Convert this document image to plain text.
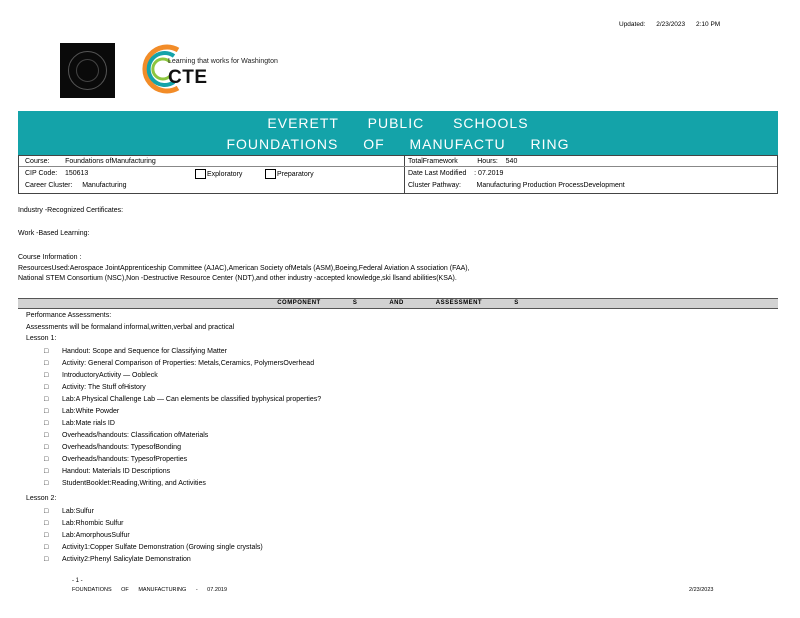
Updated: 2/23/2023 2:10 PM
Learning that works for Washington
CTE
EVERETT PUBLIC SCHOOLS
FOUNDATIONS OF MANUFACTU RING
Course: Foundations ofManufacturing	TotalFramework	Hours: 540
CIP Code: 150613	Exploratory	Preparatory	Date Last Modified : 07.2019
Career Cluster: Manufacturing	Cluster Pathway: Manufacturing Production ProcessDevelopment
Industry -Recognized Certificates:
Work -Based Learning:
Course Information :
ResourcesUsed:Aerospace JointApprenticeship Committee (AJAC),American Society ofMetals (ASM),Boeing,Federal Aviation A ssociation (FAA),
National STEM Consortium (NSC),Non -Destructive Resource Center (NDT),and other industry -accepted knowledge,ski llsand abilities(KSA).
COMPONENT S AND ASSESSMENT S
Performance Assessments:
Assessments will be formaland informal,written,verbal and practical
Lesson 1:
□ Handout: Scope and Sequence for Classifying Matter
□ Activity: General Comparison of Properties: Metals,Ceramics, PolymersOverhead
□ IntroductoryActivity — Oobleck
□ Activity: The Stuff ofHistory
□ Lab:A Physical Challenge Lab — Can elements be classified byphysical properties?
□ Lab:White Powder
□ Lab:Mate rials ID
□ Overheads/handouts: Classification ofMaterials
□ Overheads/handouts: TypesofBonding
□ Overheads/handouts: TypesofProperties
□ Handout: Materials ID Descriptions
□ StudentBooklet:Reading,Writing, and Activities
Lesson 2:
□ Lab:Sulfur
□ Lab:Rhombic Sulfur
□ Lab:AmorphousSulfur
□ Activity1:Copper Sulfate Demonstration (Growing single crystals)
□ Activity2:Phenyl Salicylate Demonstration
- 1 -
FOUNDATIONS OF MANUFACTURING - 07.2019	2/23/2023
